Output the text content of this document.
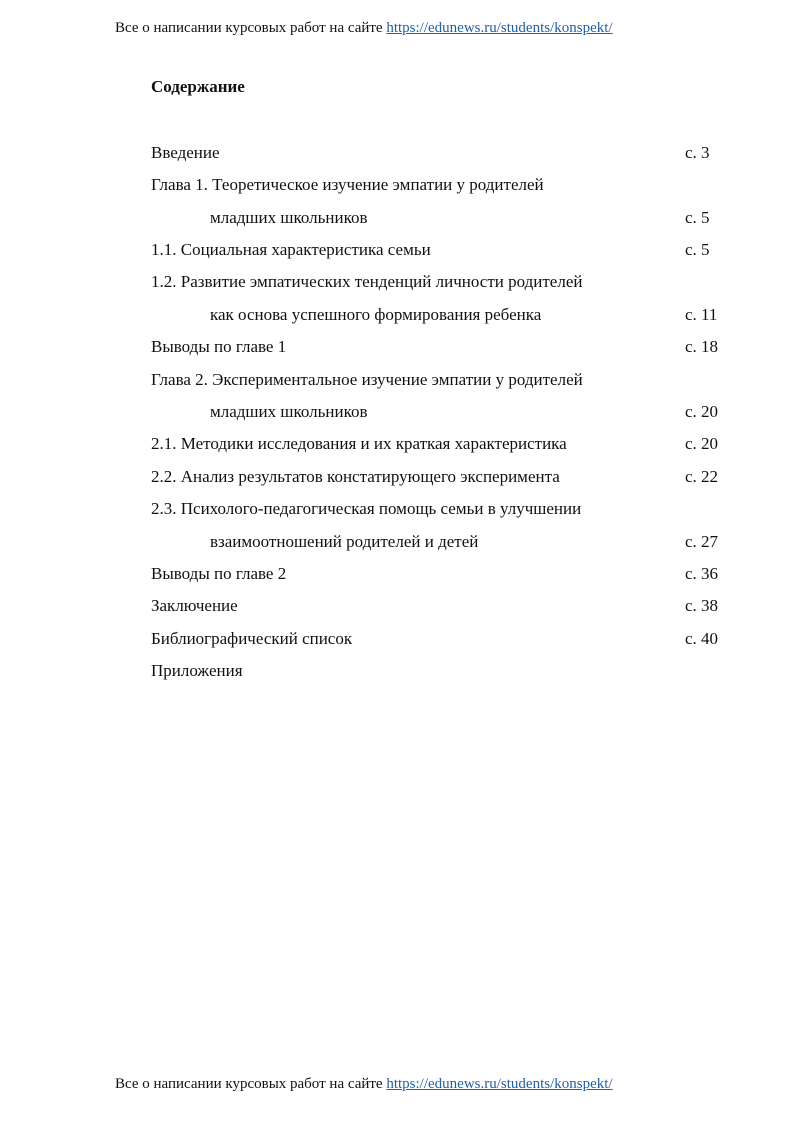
Все о написании курсовых работ на сайте https://edunews.ru/students/konspekt/
Содержание
Введение	с. 3
Глава 1. Теоретическое изучение эмпатии у родителей
младших школьников	с. 5
1.1. Социальная характеристика семьи	с. 5
1.2. Развитие эмпатических тенденций личности родителей
как основа успешного формирования ребенка	с. 11
Выводы по главе 1	с. 18
Глава 2. Экспериментальное изучение эмпатии у родителей
младших школьников	с. 20
2.1. Методики исследования и их краткая характеристика	с. 20
2.2. Анализ результатов констатирующего эксперимента	с. 22
2.3. Психолого-педагогическая помощь семьи в улучшении
взаимоотношений родителей и детей	с. 27
Выводы по главе 2	с. 36
Заключение	с. 38
Библиографический список	с. 40
Приложения
Все о написании курсовых работ на сайте https://edunews.ru/students/konspekt/
